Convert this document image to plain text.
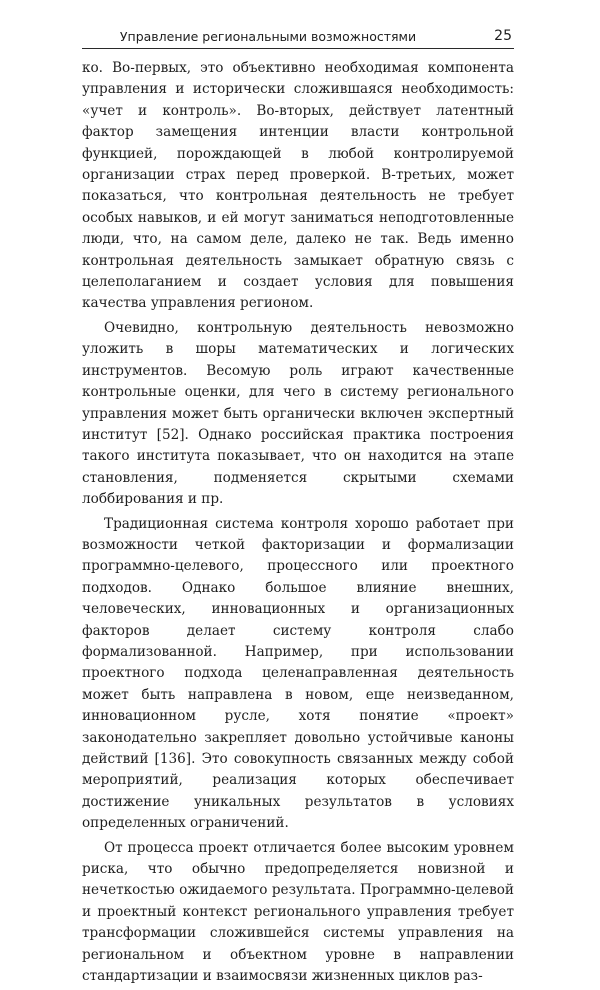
Управление региональными возможностями	25

ко. Во-первых, это объективно необходимая компонента управления и исторически сложившаяся необходимость: «учет и контроль». Во-вторых, действует латентный фактор замещения интенции власти контрольной функцией, порождающей в любой контролируемой организации страх перед проверкой. В-третьих, может показаться, что контрольная деятельность не требует особых навыков, и ей могут заниматься неподготовленные люди, что, на самом деле, далеко не так. Ведь именно контрольная деятельность замыкает обратную связь с целеполаганием и создает условия для повышения качества управления регионом.

Очевидно, контрольную деятельность невозможно уложить в шоры математических и логических инструментов. Весомую роль играют качественные контрольные оценки, для чего в систему регионального управления может быть органически включен экспертный институт [52]. Однако российская практика построения такого института показывает, что он находится на этапе становления, подменяется скрытыми схемами лоббирования и пр.

Традиционная система контроля хорошо работает при возможности четкой факторизации и формализации программно-целевого, процессного или проектного подходов. Однако большое влияние внешних, человеческих, инновационных и организационных факторов делает систему контроля слабо формализованной. Например, при использовании проектного подхода целенаправленная деятельность может быть направлена в новом, еще неизведанном, инновационном русле, хотя понятие «проект» законодательно закрепляет довольно устойчивые каноны действий [136]. Это совокупность связанных между собой мероприятий, реализация которых обеспечивает достижение уникальных результатов в условиях определенных ограничений.

От процесса проект отличается более высоким уровнем риска, что обычно предопределяется новизной и нечеткостью ожидаемого результата. Программно-целевой и проектный контекст регионального управления требует трансформации сложившейся системы управления на региональном и объектном уровне в направлении стандартизации и взаимосвязи жизненных циклов раз-
